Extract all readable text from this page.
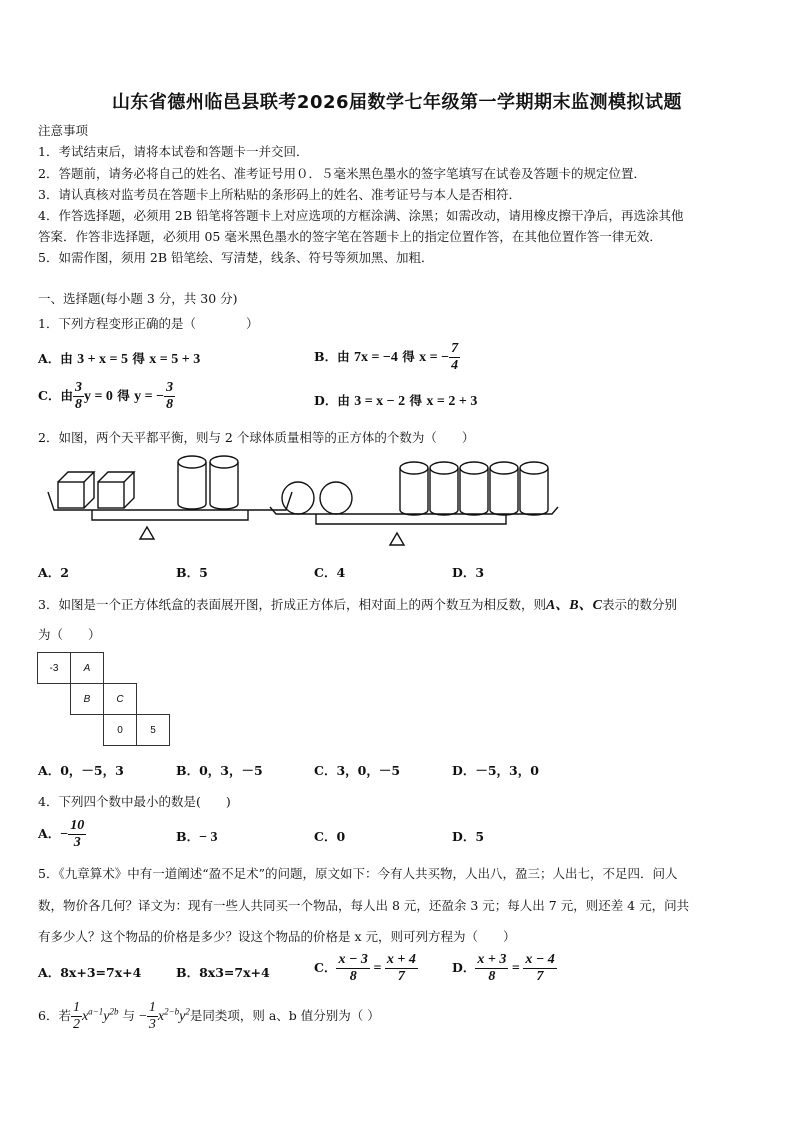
山东省德州临邑县联考2026届数学七年级第一学期期末监测模拟试题
注意事项
1．考试结束后，请将本试卷和答题卡一并交回．
2．答题前，请务必将自己的姓名、准考证号用０．５毫米黑色墨水的签字笔填写在试卷及答题卡的规定位置．
3．请认真核对监考员在答题卡上所粘贴的条形码上的姓名、准考证号与本人是否相符．
4．作答选择题，必须用 2B 铅笔将答题卡上对应选项的方框涂满、涂黑；如需改动，请用橡皮擦干净后，再选涂其他
答案．作答非选择题，必须用 05 毫米黑色墨水的签字笔在答题卡上的指定位置作答，在其他位置作答一律无效．
5．如需作图，须用 2B 铅笔绘、写清楚，线条、符号等须加黑、加粗．
一、选择题(每小题 3 分，共 30 分)
1．下列方程变形正确的是（　　　　）
A．由 3 + x = 5 得 x = 5 + 3	B．由 7x = −4 得 x = − $\frac{7}{4}$
C．由 $\frac{3}{8}$ y = 0 得 y = − $\frac{3}{8}$	D．由 3 = x − 2 得 x = 2 + 3
2．如图，两个天平都平衡，则与 2 个球体质量相等的正方体的个数为（　　）
A．2	B．5	C．4	D．3
3．如图是一个正方体纸盒的表面展开图，折成正方体后，相对面上的两个数互为相反数，则A、B、C表示的数分别
为（　　）
-3	A		
	B	C	
		0	5
A．0，－5，3	B．0，3，－5	C．3，0，－5	D．－5，3，0
4．下列四个数中最小的数是(　　)
A．− $\frac{10}{3}$	B．− 3	C．0	D．5
5．《九章算术》中有一道阐述“盈不足术”的问题，原文如下：今有人共买物，人出八，盈三；人出七，不足四．问人
数，物价各几何？译文为：现有一些人共同买一个物品，每人出 8 元，还盈余 3 元；每人出 7 元，则还差 4 元，问共
有多少人？这个物品的价格是多少？设这个物品的价格是 x 元，则可列方程为（　　）
A．8x+3=7x+4	B．8x3=7x+4	C． $\frac{x - 3}{8} = \frac{x + 4}{7}$	D． $\frac{x + 3}{8} = \frac{x - 4}{7}$
6．若 $\frac{1}{2} x^{a-1}y^{2b}$ 与 − $\frac{1}{3} x^{2-b}y^2$是同类项，则 a、b 值分别为（ ）
